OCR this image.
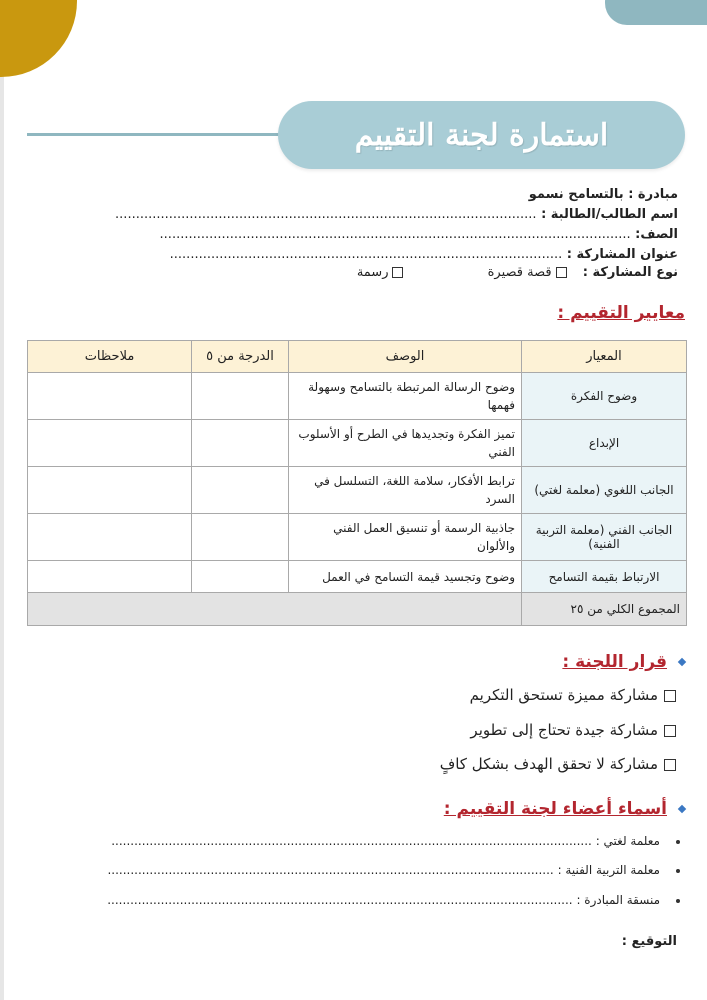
استمارة لجنة التقييم
مبادرة : بالتسامح نسمو
اسم الطالب/الطالبة : ......................................................................................................
الصف: ..................................................................................................................
عنوان المشاركة : ...............................................................................................
نوع المشاركة : قصة قصيرة رسمة
معايير التقييم :
المعيار	الوصف	الدرجة من ٥	ملاحظات
وضوح الفكرة	وضوح الرسالة المرتبطة بالتسامح وسهولة فهمها		
الإبداع	تميز الفكرة وتجديدها في الطرح أو الأسلوب الفني		
الجانب اللغوي (معلمة لغتي)	ترابط الأفكار، سلامة اللغة، التسلسل في السرد		
الجانب الفني (معلمة التربية الفنية)	جاذبية الرسمة أو تنسيق العمل الفني والألوان		
الارتباط بقيمة التسامح	وضوح وتجسيد قيمة التسامح في العمل		
المجموع الكلي من ٢٥			
قرار اللجنة :
مشاركة مميزة تستحق التكريم
مشاركة جيدة تحتاج إلى تطوير
مشاركة لا تحقق الهدف بشكل كافٍ
أسماء أعضاء لجنة التقييم :
معلمة لغتي : ..............................................................................................................................
معلمة التربية الفنية : .....................................................................................................................
منسقة المبادرة : ..........................................................................................................................
التوقيع :
